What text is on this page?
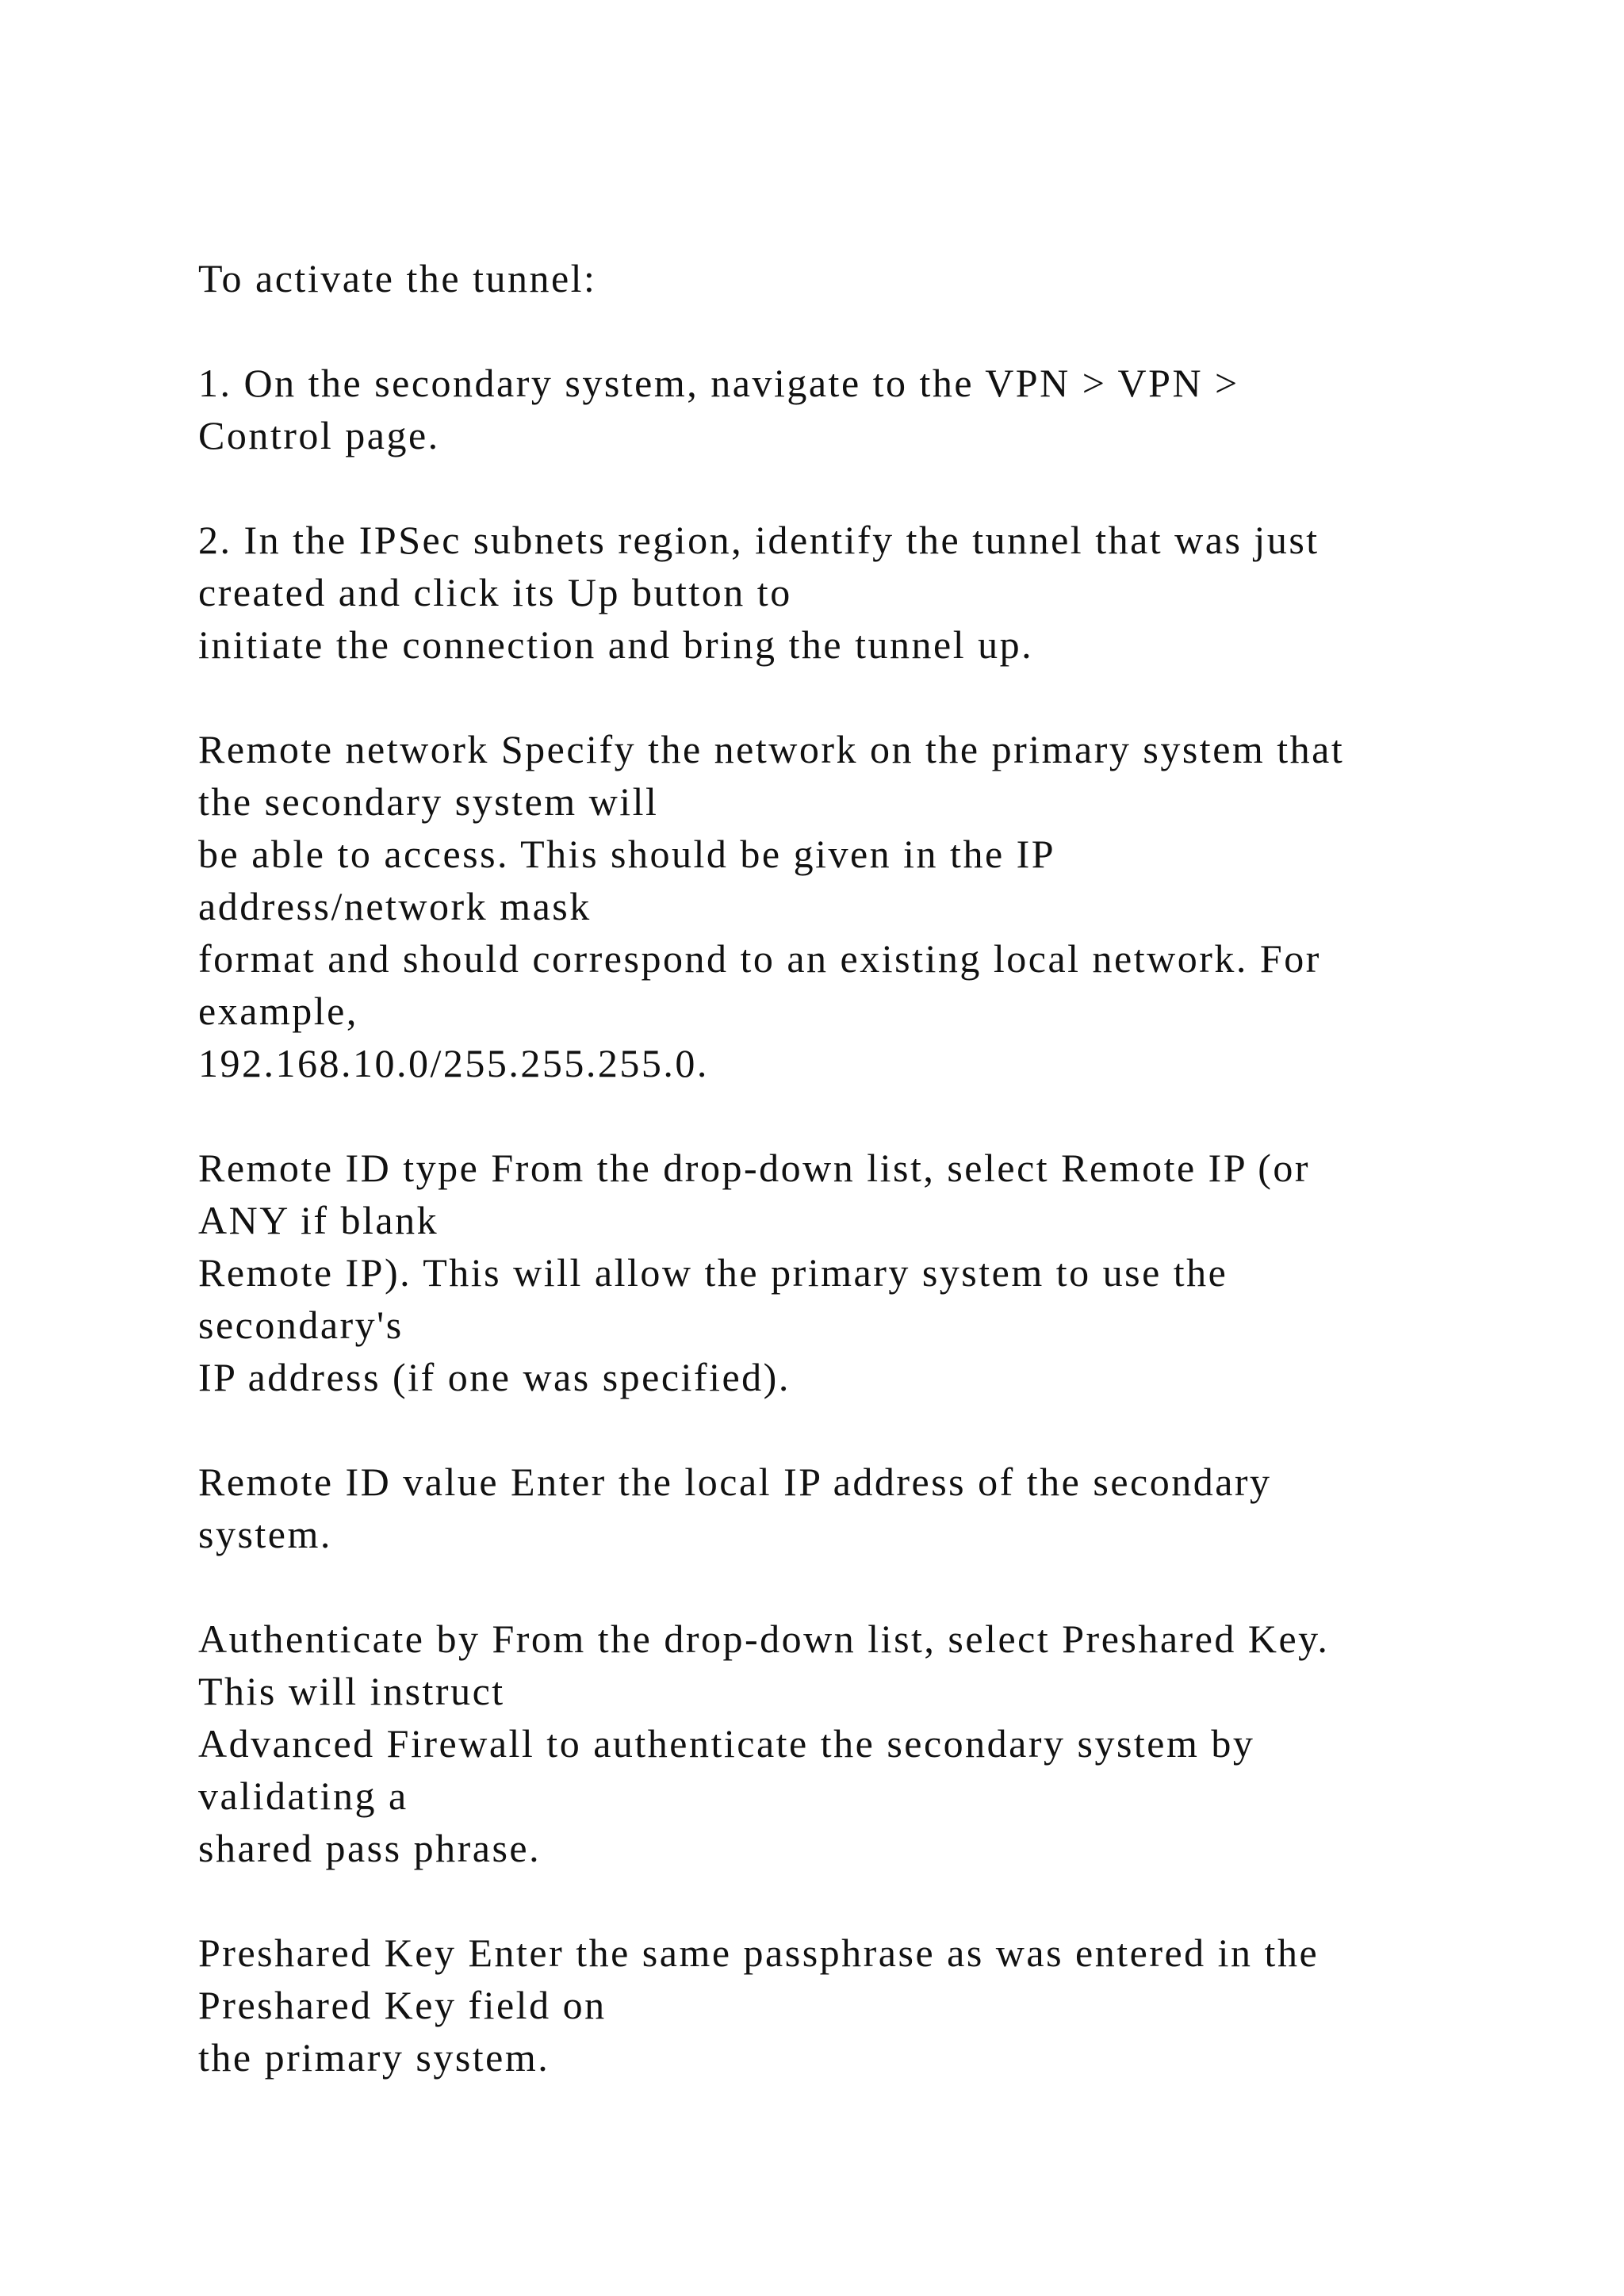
To activate the tunnel:

1. On the secondary system, navigate to the VPN > VPN >
Control page.

2. In the IPSec subnets region, identify the tunnel that was just
created and click its Up button to
initiate the connection and bring the tunnel up.

Remote network Specify the network on the primary system that
the secondary system will
be able to access. This should be given in the IP
address/network mask
format and should correspond to an existing local network. For
example,
192.168.10.0/255.255.255.0.

Remote ID type From the drop-down list, select Remote IP (or
ANY if blank
Remote IP). This will allow the primary system to use the
secondary's
IP address (if one was specified).

Remote ID value Enter the local IP address of the secondary
system.

Authenticate by From the drop-down list, select Preshared Key.
This will instruct
Advanced Firewall to authenticate the secondary system by
validating a
shared pass phrase.

Preshared Key Enter the same passphrase as was entered in the
Preshared Key field on
the primary system.
